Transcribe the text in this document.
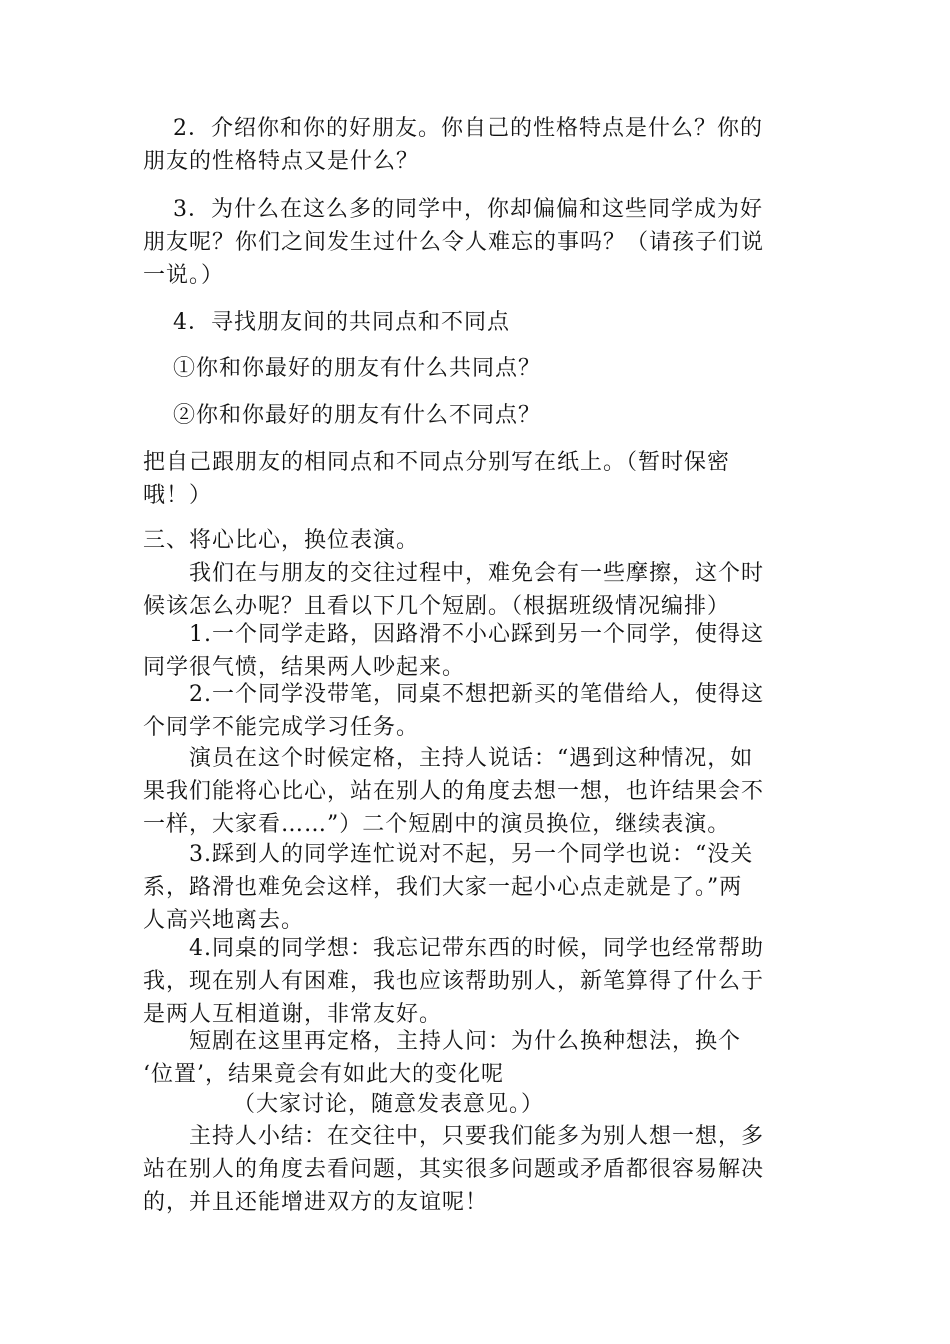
2．介绍你和你的好朋友。你自己的性格特点是什么？你的
朋友的性格特点又是什么？
3．为什么在这么多的同学中，你却偏偏和这些同学成为好
朋友呢？你们之间发生过什么令人难忘的事吗？（请孩子们说
一说。）
4．寻找朋友间的共同点和不同点
①你和你最好的朋友有什么共同点？
②你和你最好的朋友有什么不同点？
把自己跟朋友的相同点和不同点分别写在纸上。（暂时保密
哦！）
三、将心比心，换位表演。
我们在与朋友的交往过程中，难免会有一些摩擦，这个时
候该怎么办呢？且看以下几个短剧。（根据班级情况编排）
1.一个同学走路，因路滑不小心踩到另一个同学，使得这
同学很气愤，结果两人吵起来。
2.一个同学没带笔，同桌不想把新买的笔借给人，使得这
个同学不能完成学习任务。
演员在这个时候定格，主持人说话：“遇到这种情况，如
果我们能将心比心，站在别人的角度去想一想，也许结果会不
一样，大家看……”）二个短剧中的演员换位，继续表演。
3.踩到人的同学连忙说对不起，另一个同学也说：“没关
系，路滑也难免会这样，我们大家一起小心点走就是了。”两
人高兴地离去。
4.同桌的同学想：我忘记带东西的时候，同学也经常帮助
我，现在别人有困难，我也应该帮助别人，新笔算得了什么于
是两人互相道谢，非常友好。
短剧在这里再定格，主持人问：为什么换种想法，换个
‘位置’，结果竟会有如此大的变化呢
（大家讨论，随意发表意见。）
主持人小结：在交往中，只要我们能多为别人想一想，多
站在别人的角度去看问题，其实很多问题或矛盾都很容易解决
的，并且还能增进双方的友谊呢！
